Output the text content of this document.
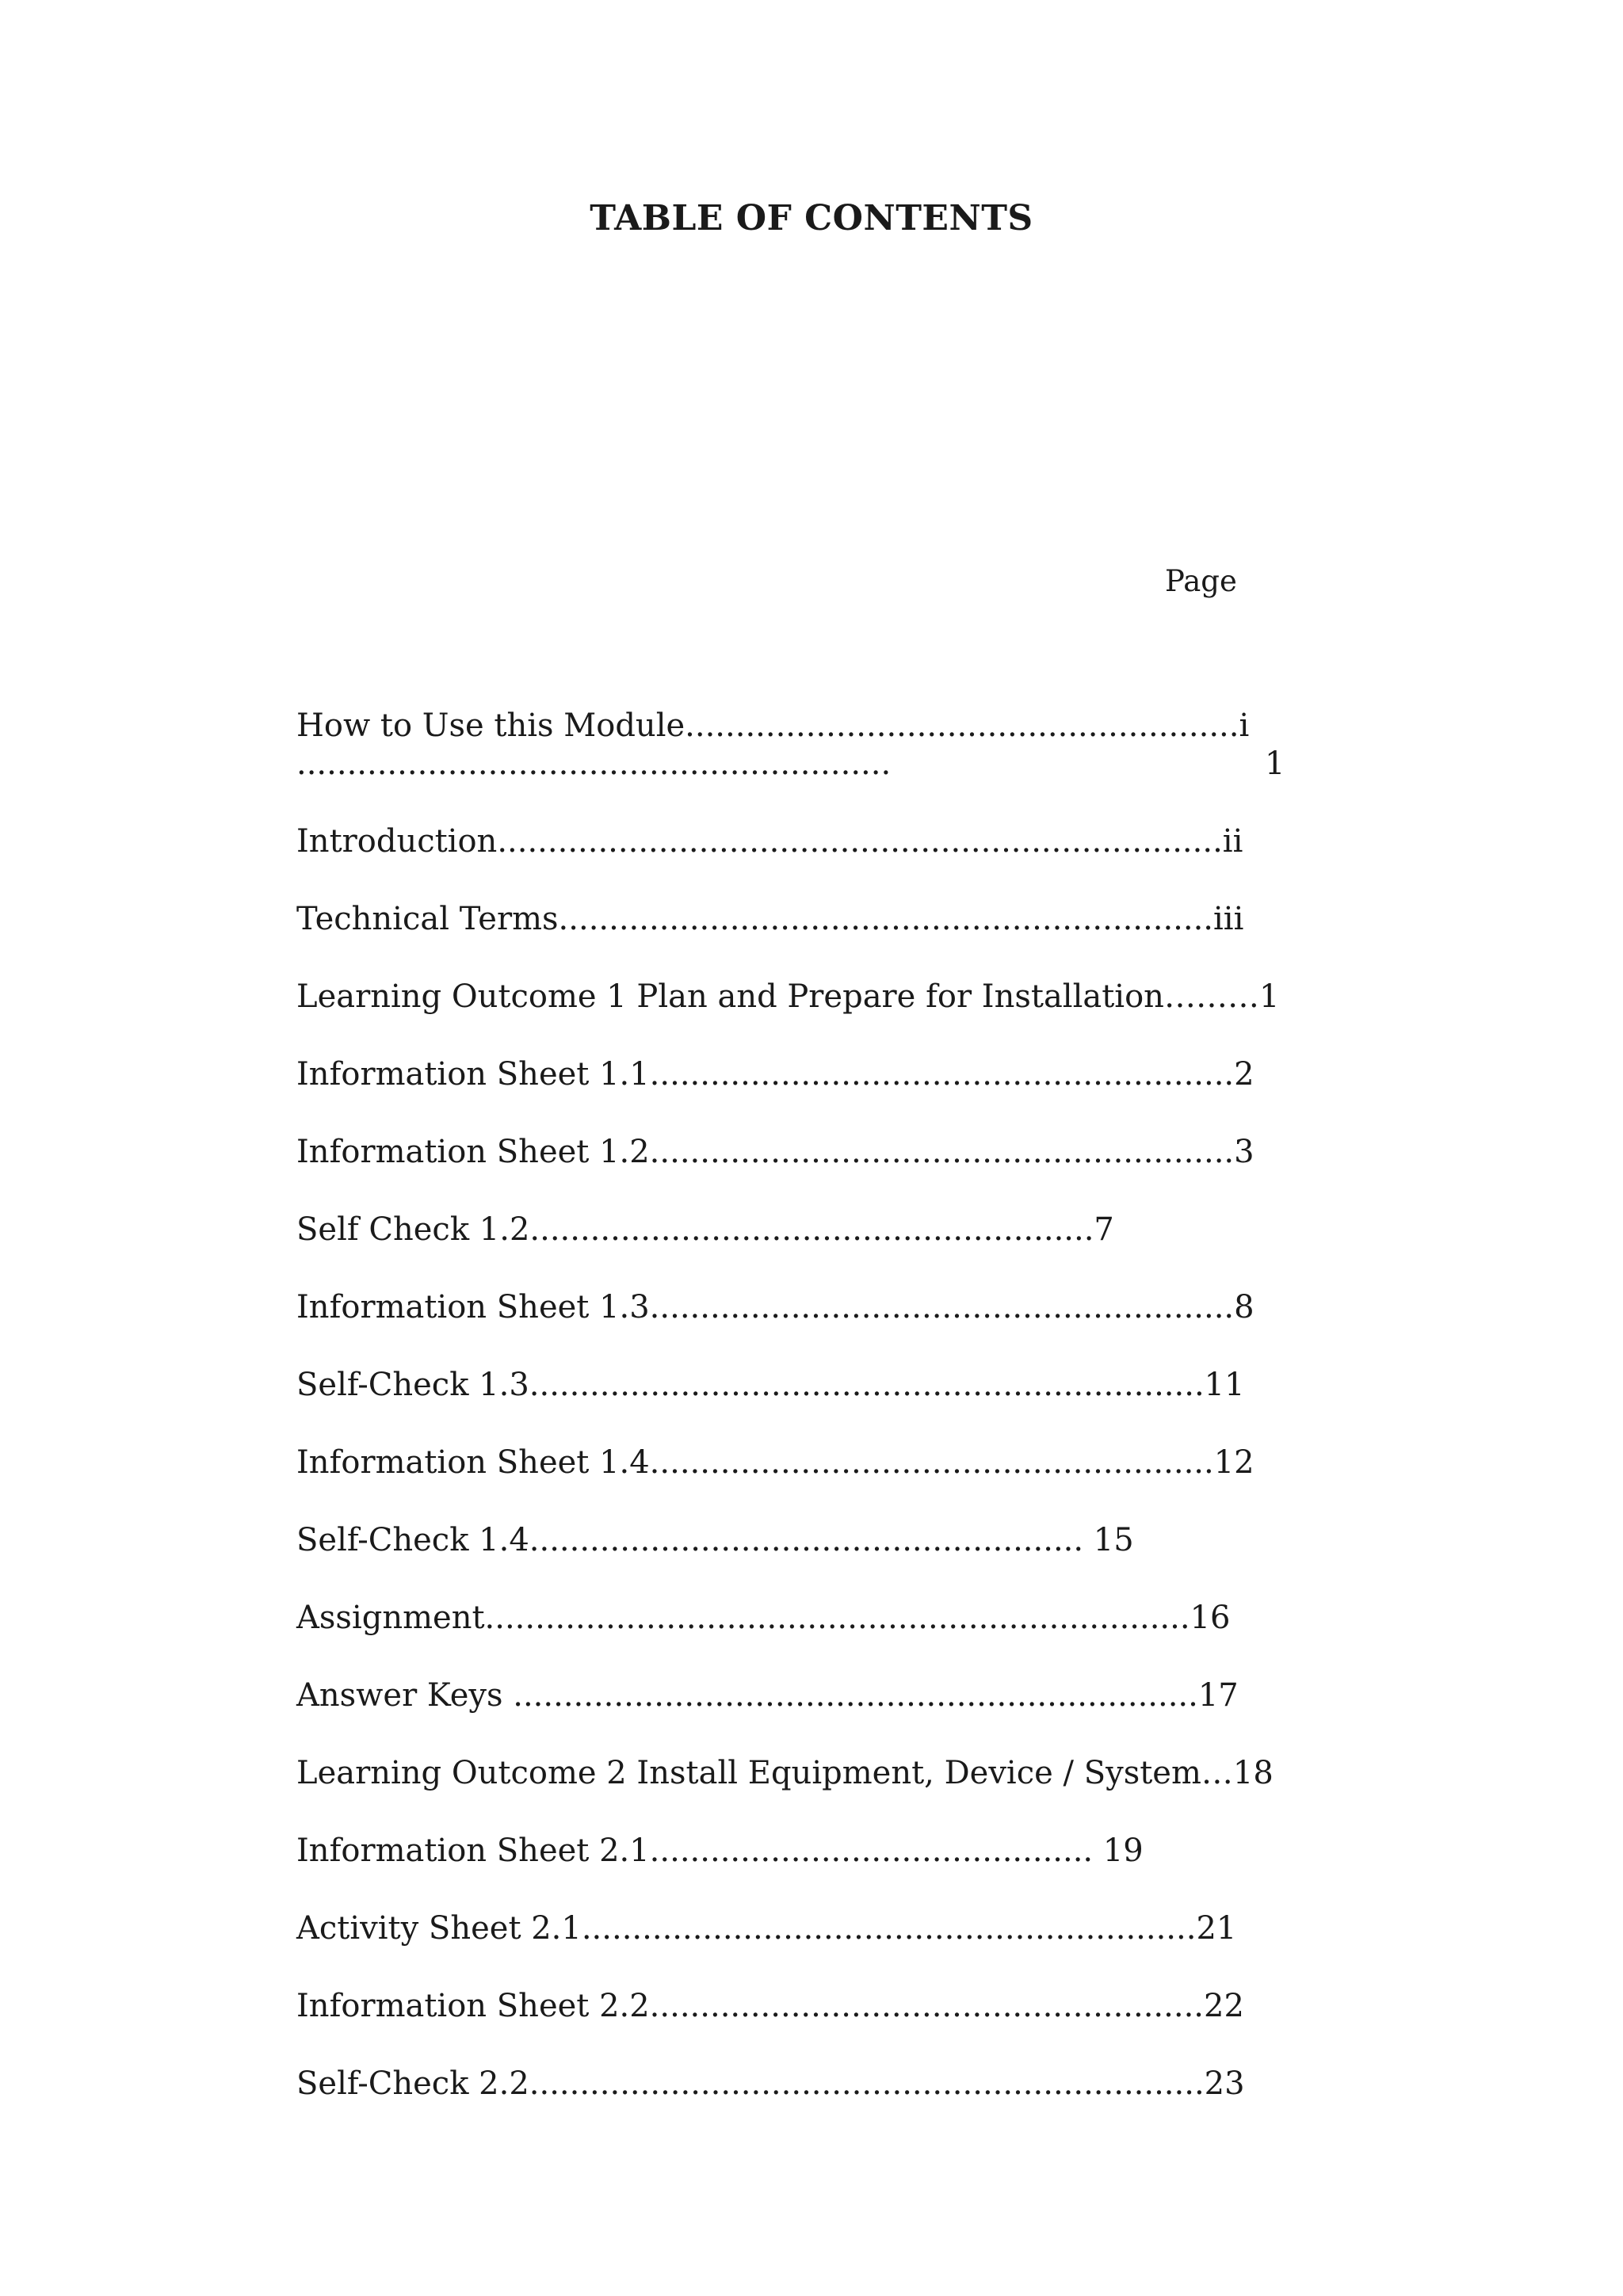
TABLE OF CONTENTS
Page
How to Use this Module.......................................................i
...........................................................	1
Introduction........................................................................ii
Technical Terms.................................................................iii
Learning Outcome 1 Plan and Prepare for Installation………1
Information Sheet 1.1..........................................................2
Information Sheet 1.2..........................................................3
Self Check 1.2........................................................7
Information Sheet 1.3..........................................................8
Self-Check 1.3...................................................................11
Information Sheet 1.4........................................................12
Self-Check 1.4....................................................... 15
Assignment......................................................................16
Answer Keys ....................................................................17
Learning Outcome 2 Install Equipment, Device / System…18
Information Sheet 2.1............................................ 19
Activity Sheet 2.1.............................................................21
Information Sheet 2.2.......................................................22
Self-Check 2.2...................................................................23
